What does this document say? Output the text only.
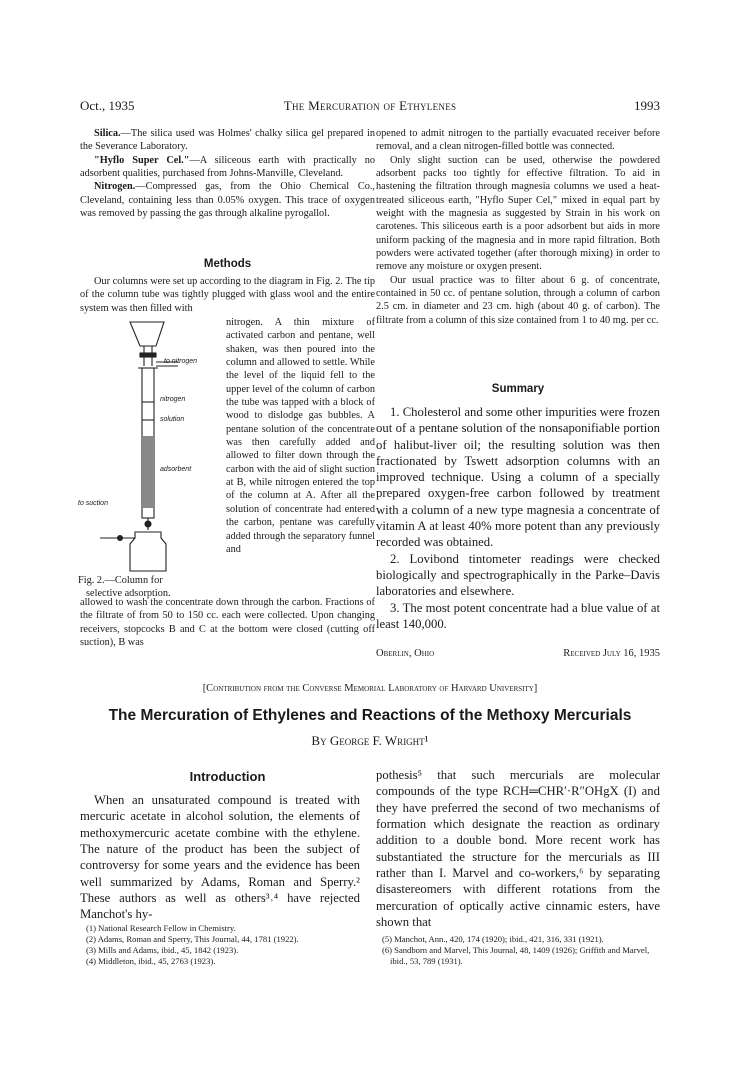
Oct., 1935	The Mercuration of Ethylenes	1993

Silica.—The silica used was Holmes' chalky silica gel prepared in the Severance Laboratory.

"Hyflo Super Cel."—A siliceous earth with practically no adsorbent qualities, purchased from Johns-Manville, Cleveland.

Nitrogen.—Compressed gas, from the Ohio Chemical Co., Cleveland, containing less than 0.05% oxygen. This trace of oxygen was removed by passing the gas through alkaline pyrogallol.

Methods

Our columns were set up according to the diagram in Fig. 2. The tip of the column tube was tightly plugged with glass wool and the entire system was then filled with

to nitrogen
nitrogen
solution
adsorbent
to suction
Fig. 2.—Column for selective adsorption.

nitrogen. A thin mixture of activated carbon and pentane, well shaken, was then poured into the column and allowed to settle. While the level of the liquid fell to the upper level of the column of carbon the tube was tapped with a block of wood to dislodge gas bubbles. A pentane solution of the concentrate was then carefully added and allowed to filter down through the carbon with the aid of slight suction at B, while nitrogen entered the top of the column at A. After all the solution of concentrate had entered the carbon, pentane was carefully added through the separatory funnel and

allowed to wash the concentrate down through the carbon. Fractions of the filtrate of from 50 to 150 cc. each were collected. Upon changing receivers, stopcocks B and C at the bottom were closed (cutting off suction), B was

opened to admit nitrogen to the partially evacuated receiver before removal, and a clean nitrogen-filled bottle was connected.

Only slight suction can be used, otherwise the powdered adsorbent packs too tightly for effective filtration. To aid in hastening the filtration through magnesia columns we used a heat-treated siliceous earth, "Hyflo Super Cel," mixed in equal part by weight with the magnesia as suggested by Strain in his work on carotenes. This siliceous earth is a poor adsorbent but aids in more uniform packing of the magnesia and in more rapid filtration. Both powders were activated together (after thorough mixing) in order to remove any moisture or oxygen present.

Our usual practice was to filter about 6 g. of concentrate, contained in 50 cc. of pentane solution, through a column of carbon 2.5 cm. in diameter and 23 cm. high (about 40 g. of carbon). The filtrate from a column of this size contained from 1 to 40 mg. per cc.

Summary

1. Cholesterol and some other impurities were frozen out of a pentane solution of the nonsaponifiable portion of halibut-liver oil; the resulting solution was then fractionated by Tswett adsorption columns with an improved technique. Using a column of a specially prepared oxygen-free carbon followed by treatment with a column of a new type magnesia a concentrate of vitamin A at least 40% more potent than any previously recorded was obtained.

2. Lovibond tintometer readings were checked biologically and spectrographically in the Parke–Davis laboratories and elsewhere.

3. The most potent concentrate had a blue value of at least 140,000.

Oberlin, Ohio	Received July 16, 1935
[Contribution from the Converse Memorial Laboratory of Harvard University]
The Mercuration of Ethylenes and Reactions of the Methoxy Mercurials
By George F. Wright¹
Introduction

When an unsaturated compound is treated with mercuric acetate in alcohol solution, the elements of methoxymercuric acetate combine with the ethylene. The nature of the product has been the subject of controversy for some years and the evidence has been well summarized by Adams, Roman and Sperry.² These authors as well as others³˒⁴ have rejected Manchot's hy-

pothesis⁵ that such mercurials are molecular compounds of the type RCH═CHR′·R″OHgX (I) and they have preferred the second of two mechanisms of formation which designate the reaction as ordinary addition to a double bond. More recent work has substantiated the structure for the mercurials as III rather than I. Marvel and co-workers,⁶ by separating disastereomers with different rotations from the mercuration of optically active cinnamic esters, have shown that

(1) National Research Fellow in Chemistry.
(2) Adams, Roman and Sperry, This Journal, 44, 1781 (1922).
(3) Mills and Adams, ibid., 45, 1842 (1923).
(4) Middleton, ibid., 45, 2763 (1923).
(5) Manchot, Ann., 420, 174 (1920); ibid., 421, 316, 331 (1921).
(6) Sandborn and Marvel, This Journal, 48, 1409 (1926); Griffith and Marvel, ibid., 53, 789 (1931).
